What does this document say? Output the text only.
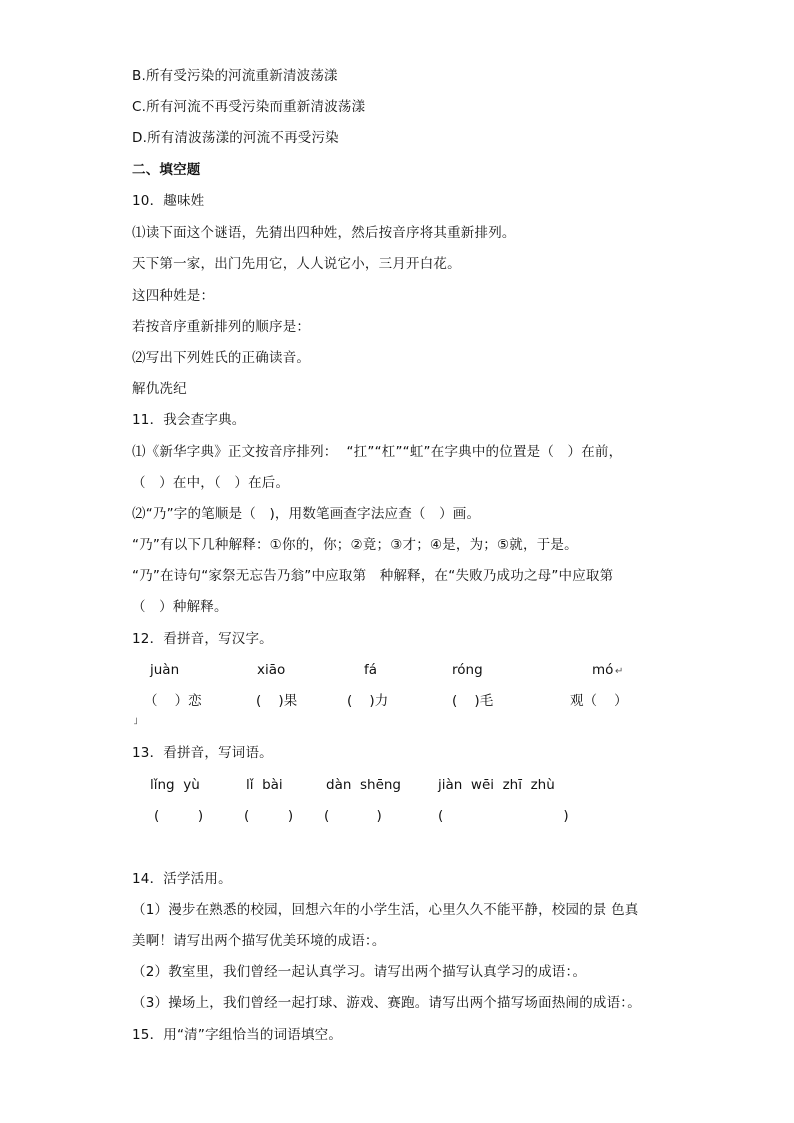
B.所有受污染的河流重新清波荡漾
C.所有河流不再受污染而重新清波荡漾
D.所有清波荡漾的河流不再受污染
二、填空题
10．趣味姓
⑴读下面这个谜语，先猜出四种姓，然后按音序将其重新排列。
天下第一家，出门先用它，人人说它小，三月开白花。
这四种姓是：
若按音序重新排列的顺序是：
⑵写出下列姓氏的正确读音。
解仇冼纪
11．我会查字典。
⑴《新华字典》正文按音序排列：  “扛”“杠”“虹”在字典中的位置是（   ）在前，
（   ）在中，（   ）在后。
⑵“乃”字的笔顺是（   )，用数笔画查字法应查（   ）画。
“乃”有以下几种解释：①你的，你；②竟；③才；④是，为；⑤就，于是。
“乃”在诗句“家祭无忘告乃翁”中应取第   种解释，在“失败乃成功之母”中应取第
（   ）种解释。
12．看拼音，写汉字。
juàn	xiāo	fá	róng	mó ↵
（    ）恋	(    )果	(    )力	(    )毛	观（    ）
˩
13．看拼音，写词语。
lǐng  yù	lǐ  bài	dàn  shēng	jiàn  wēi  zhī  zhù
(         )	(         ) (           )	(                            )
14．活学活用。
（1）漫步在熟悉的校园，回想六年的小学生活，心里久久不能平静，校园的景 色真
美啊！请写出两个描写优美环境的成语：。
（2）教室里，我们曾经一起认真学习。请写出两个描写认真学习的成语：。
（3）操场上，我们曾经一起打球、游戏、赛跑。请写出两个描写场面热闹的成语：。
15．用“清”字组恰当的词语填空。
